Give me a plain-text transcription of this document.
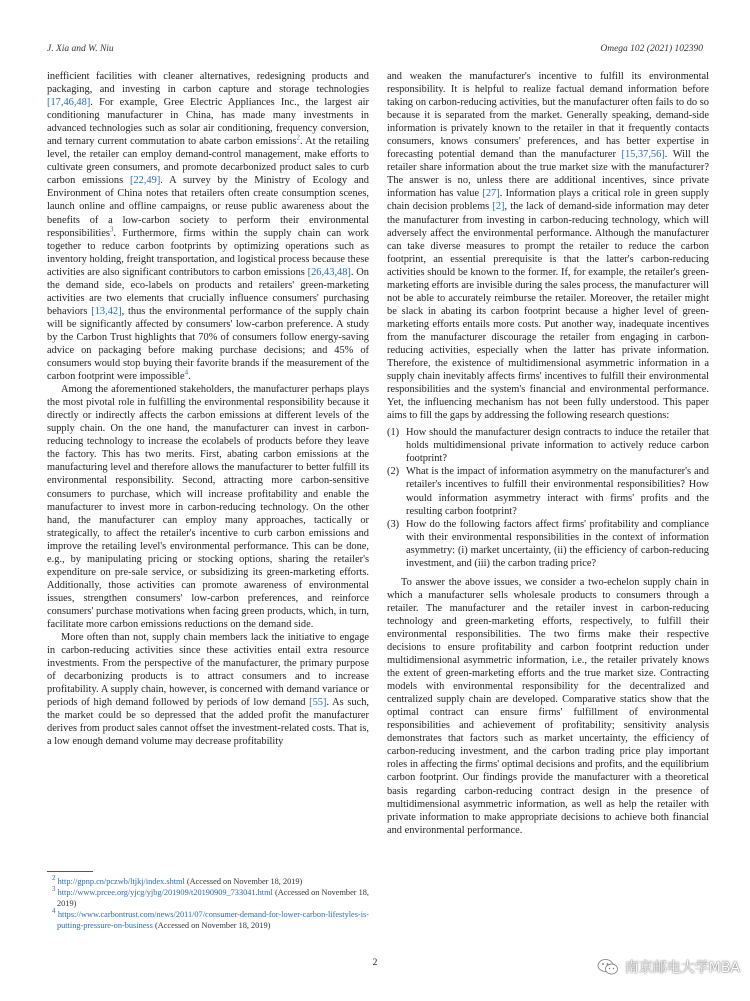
J. Xia and W. Niu	Omega 102 (2021) 102390

inefficient facilities with cleaner alternatives, redesigning products and packaging, and investing in carbon capture and storage technologies [17,46,48]. For example, Gree Electric Appliances Inc., the largest air conditioning manufacturer in China, has made many investments in advanced technologies such as solar air conditioning, frequency conversion, and ternary current commutation to abate carbon emissions$^2$. At the retailing level, the retailer can employ demand-control management, make efforts to cultivate green consumers, and promote decarbonized product sales to curb carbon emissions [22,49]. A survey by the Ministry of Ecology and Environment of China notes that retailers often create consumption scenes, launch online and offline campaigns, or reuse public awareness about the benefits of a low-carbon society to perform their environmental responsibilities$^3$. Furthermore, firms within the supply chain can work together to reduce carbon footprints by optimizing operations such as inventory holding, freight transportation, and logistical process because these activities are also significant contributors to carbon emissions [26,43,48]. On the demand side, eco-labels on products and retailers' green-marketing activities are two elements that crucially influence consumers' purchasing behaviors [13,42], thus the environmental performance of the supply chain will be significantly affected by consumers' low-carbon preference. A study by the Carbon Trust highlights that 70% of consumers follow energy-saving advice on packaging before making purchase decisions; and 45% of consumers would stop buying their favorite brands if the measurement of the carbon footprint were impossible$^4$.

Among the aforementioned stakeholders, the manufacturer perhaps plays the most pivotal role in fulfilling the environmental responsibility because it directly or indirectly affects the carbon emissions at different levels of the supply chain. On the one hand, the manufacturer can invest in carbon-reducing technology to increase the ecolabels of products before they leave the factory. This has two merits. First, abating carbon emissions at the manufacturing level and therefore allows the manufacturer to better fulfill its environmental responsibility. Second, attracting more carbon-sensitive consumers to purchase, which will increase profitability and enable the manufacturer to invest more in carbon-reducing technology. On the other hand, the manufacturer can employ many approaches, tactically or strategically, to affect the retailer's incentive to curb carbon emissions and improve the retailing level's environmental performance. This can be done, e.g., by manipulating pricing or stocking options, sharing the retailer's expenditure on pre-sale service, or subsidizing its green-marketing efforts. Additionally, those activities can promote awareness of environmental issues, strengthen consumers' low-carbon preferences, and reinforce consumers' purchase motivations when facing green products, which, in turn, facilitate more carbon emissions reductions on the demand side.

More often than not, supply chain members lack the initiative to engage in carbon-reducing activities since these activities entail extra resource investments. From the perspective of the manufacturer, the primary purpose of decarbonizing products is to attract consumers and to increase profitability. A supply chain, however, is concerned with demand variance or periods of high demand followed by periods of low demand [55]. As such, the market could be so depressed that the added profit the manufacturer derives from product sales cannot offset the investment-related costs. That is, a low enough demand volume may decrease profitability

and weaken the manufacturer's incentive to fulfill its environmental responsibility. It is helpful to realize factual demand information before taking on carbon-reducing activities, but the manufacturer often fails to do so because it is separated from the market. Generally speaking, demand-side information is privately known to the retailer in that it frequently contacts consumers, knows consumers' preferences, and has better expertise in forecasting potential demand than the manufacturer [15,37,56]. Will the retailer share information about the true market size with the manufacturer? The answer is no, unless there are additional incentives, since private information has value [27]. Information plays a critical role in green supply chain decision problems [2], the lack of demand-side information may deter the manufacturer from investing in carbon-reducing technology, which will adversely affect the environmental performance. Although the manufacturer can take diverse measures to prompt the retailer to reduce the carbon footprint, an essential prerequisite is that the latter's carbon-reducing activities should be known to the former. If, for example, the retailer's green-marketing efforts are invisible during the sales process, the manufacturer will not be able to accurately reimburse the retailer. Moreover, the retailer might be slack in abating its carbon footprint because a higher level of green-marketing efforts entails more costs. Put another way, inadequate incentives from the manufacturer discourage the retailer from engaging in carbon-reducing activities, especially when the latter has private information. Therefore, the existence of multidimensional asymmetric information in a supply chain inevitably affects firms' incentives to fulfill their environmental responsibilities and the system's financial and environmental performance. Yet, the influencing mechanism has not been fully understood. This paper aims to fill the gaps by addressing the following research questions:

(1) How should the manufacturer design contracts to induce the retailer that holds multidimensional private information to actively reduce carbon footprint?
(2) What is the impact of information asymmetry on the manufacturer's and retailer's incentives to fulfill their environmental responsibilities? How would information asymmetry interact with firms' profits and the resulting carbon footprint?
(3) How do the following factors affect firms' profitability and compliance with their environmental responsibilities in the context of information asymmetry: (i) market uncertainty, (ii) the efficiency of carbon-reducing investment, and (iii) the carbon trading price?

To answer the above issues, we consider a two-echelon supply chain in which a manufacturer sells wholesale products to consumers through a retailer. The manufacturer and the retailer invest in carbon-reducing technology and green-marketing efforts, respectively, to fulfill their environmental responsibilities. The two firms make their respective decisions to ensure profitability and carbon footprint reduction under multidimensional asymmetric information, i.e., the retailer privately knows the extent of green-marketing efforts and the true market size. Contracting models with environmental responsibility for the decentralized and centralized supply chain are developed. Comparative statics show that the optimal contract can ensure firms' fulfillment of environmental responsibilities and achievement of profitability; sensitivity analysis demonstrates that factors such as market uncertainty, the efficiency of carbon-reducing investment, and the carbon trading price play important roles in affecting the firms' optimal decisions and profits, and the equilibrium carbon footprint. Our findings provide the manufacturer with a theoretical basis regarding carbon-reducing contract design in the presence of multidimensional asymmetric information, as well as help the retailer with private information to make appropriate decisions to achieve both financial and environmental performance.

$^2$ http://gpnp.cn/pczwb/ltjkj/index.shtml (Accessed on November 18, 2019)
$^3$ http://www.prcee.org/yjcg/yjbg/201909/t20190909_733041.html (Accessed on November 18, 2019)
$^4$ https://www.carbontrust.com/news/2011/07/consumer-demand-for-lower-carbon-lifestyles-is-putting-pressure-on-business (Accessed on November 18, 2019)
2	南京邮电大学MBA
